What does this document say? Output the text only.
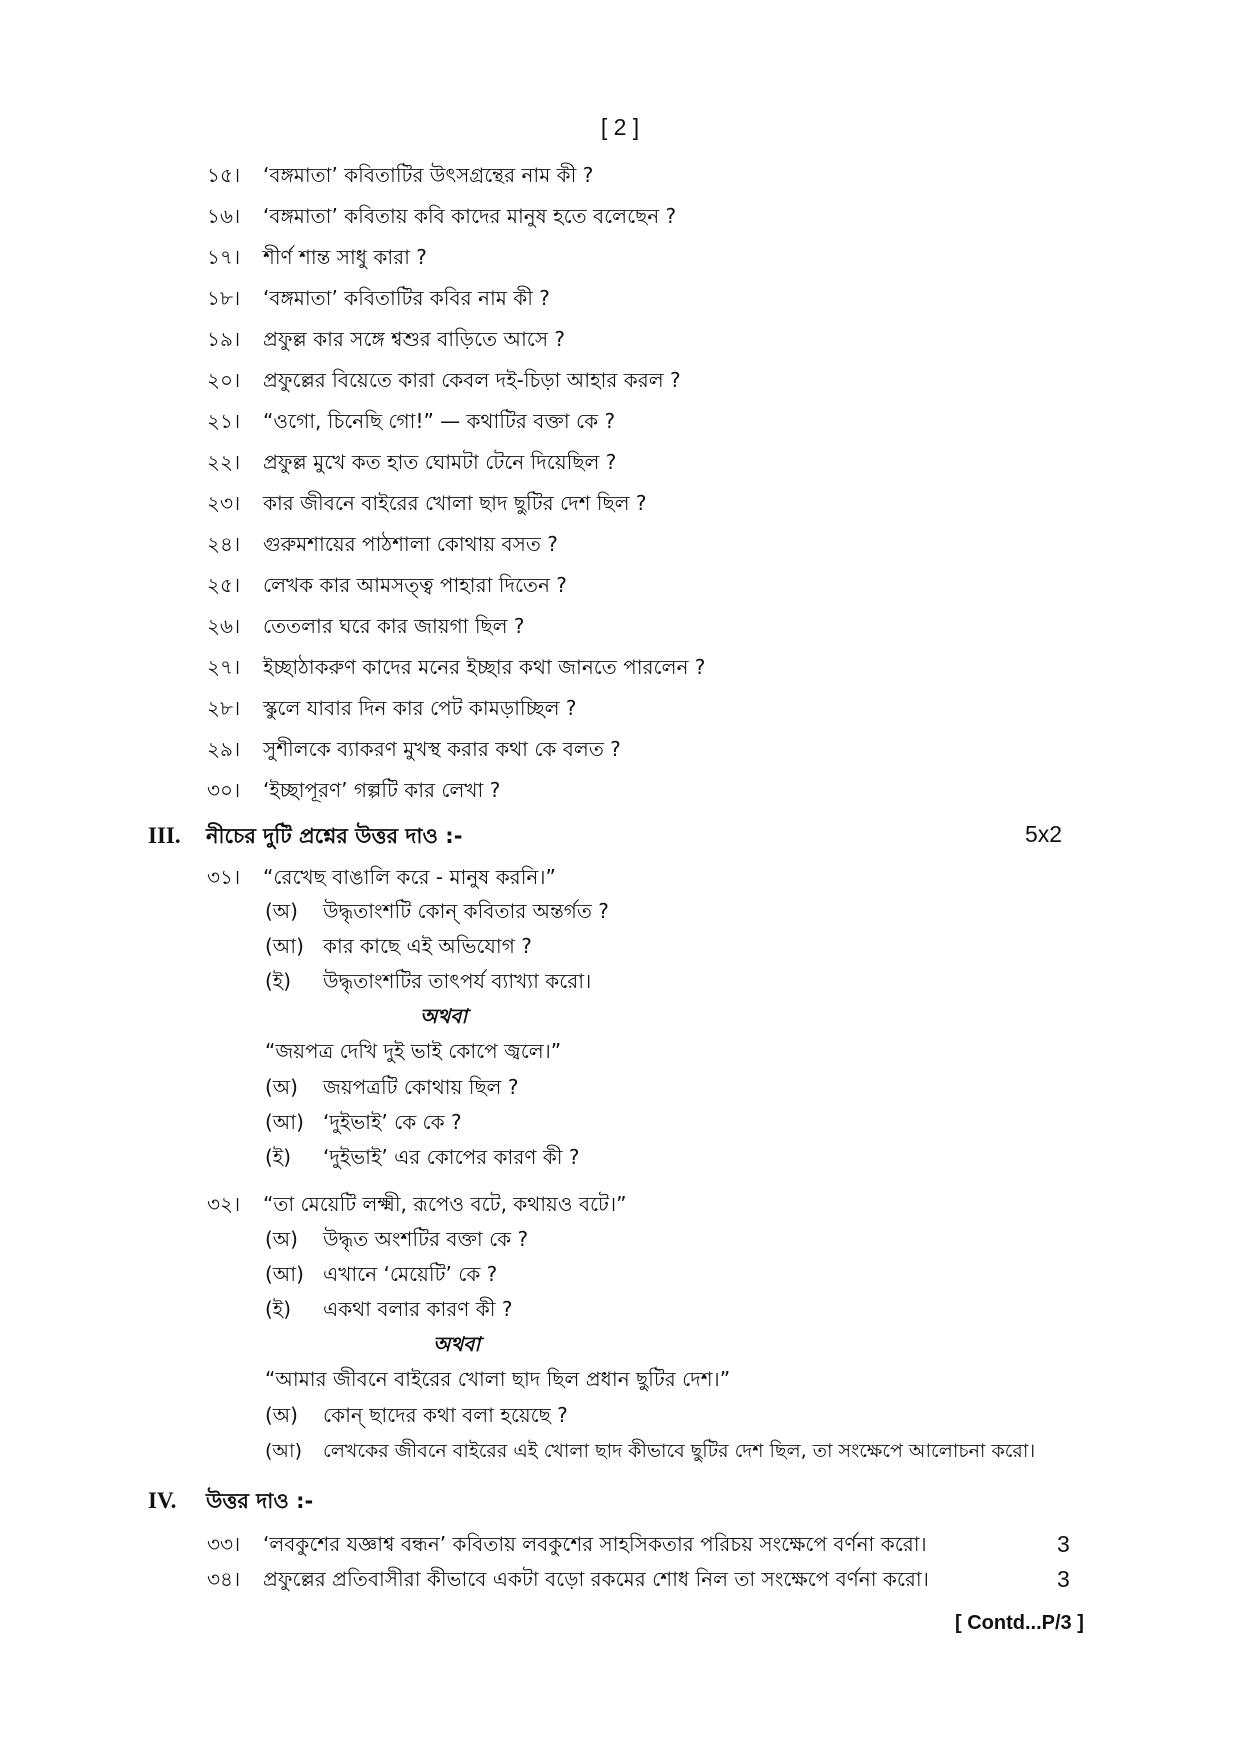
[ 2 ]
১৫। ‘বঙ্গমাতা’ কবিতাটির উৎসগ্রন্থের নাম কী ?
১৬। ‘বঙ্গমাতা’ কবিতায় কবি কাদের মানুষ হতে বলেছেন ?
১৭। শীর্ণ শান্ত সাধু কারা ?
১৮। ‘বঙ্গমাতা’ কবিতাটির কবির নাম কী ?
১৯। প্রফুল্ল কার সঙ্গে শ্বশুর বাড়িতে আসে ?
২০। প্রফুল্লের বিয়েতে কারা কেবল দই-চিড়া আহার করল ?
২১। “ওগো, চিনেছি গো!” — কথাটির বক্তা কে ?
২২। প্রফুল্ল মুখে কত হাত ঘোমটা টেনে দিয়েছিল ?
২৩। কার জীবনে বাইরের খোলা ছাদ ছুটির দেশ ছিল ?
২৪। গুরুমশায়ের পাঠশালা কোথায় বসত ?
২৫। লেখক কার আমসত্ত্ব পাহারা দিতেন ?
২৬। তেতলার ঘরে কার জায়গা ছিল ?
২৭। ইচ্ছাঠাকরুণ কাদের মনের ইচ্ছার কথা জানতে পারলেন ?
২৮। স্কুলে যাবার দিন কার পেট কামড়াচ্ছিল ?
২৯। সুশীলকে ব্যাকরণ মুখস্থ করার কথা কে বলত ?
৩০। ‘ইচ্ছাপূরণ’ গল্পটি কার লেখা ?
III. নীচের দুটি প্রশ্নের উত্তর দাও :-	5x2
৩১। “রেখেছ বাঙালি করে - মানুষ করনি।”
(অ) উদ্ধৃতাংশটি কোন্ কবিতার অন্তর্গত ?
(আ) কার কাছে এই অভিযোগ ?
(ই) উদ্ধৃতাংশটির তাৎপর্য ব্যাখ্যা করো।
অথবা
“জয়পত্র দেখি দুই ভাই কোপে জ্বলে।”
(অ) জয়পত্রটি কোথায় ছিল ?
(আ) ‘দুইভাই’ কে কে ?
(ই) ‘দুইভাই’ এর কোপের কারণ কী ?
৩২। “তা মেয়েটি লক্ষ্মী, রূপেও বটে, কথায়ও বটে।”
(অ) উদ্ধৃত অংশটির বক্তা কে ?
(আ) এখানে ‘মেয়েটি’ কে ?
(ই) একথা বলার কারণ কী ?
অথবা
“আমার জীবনে বাইরের খোলা ছাদ ছিল প্রধান ছুটির দেশ।”
(অ) কোন্ ছাদের কথা বলা হয়েছে ?
(আ) লেখকের জীবনে বাইরের এই খোলা ছাদ কীভাবে ছুটির দেশ ছিল, তা সংক্ষেপে আলোচনা করো।
IV. উত্তর দাও :-
৩৩। ‘লবকুশের যজ্ঞাশ্ব বন্ধন’ কবিতায় লবকুশের সাহসিকতার পরিচয় সংক্ষেপে বর্ণনা করো।	3
৩৪। প্রফুল্লের প্রতিবাসীরা কীভাবে একটা বড়ো রকমের শোধ নিল তা সংক্ষেপে বর্ণনা করো।	3
[ Contd...P/3 ]
